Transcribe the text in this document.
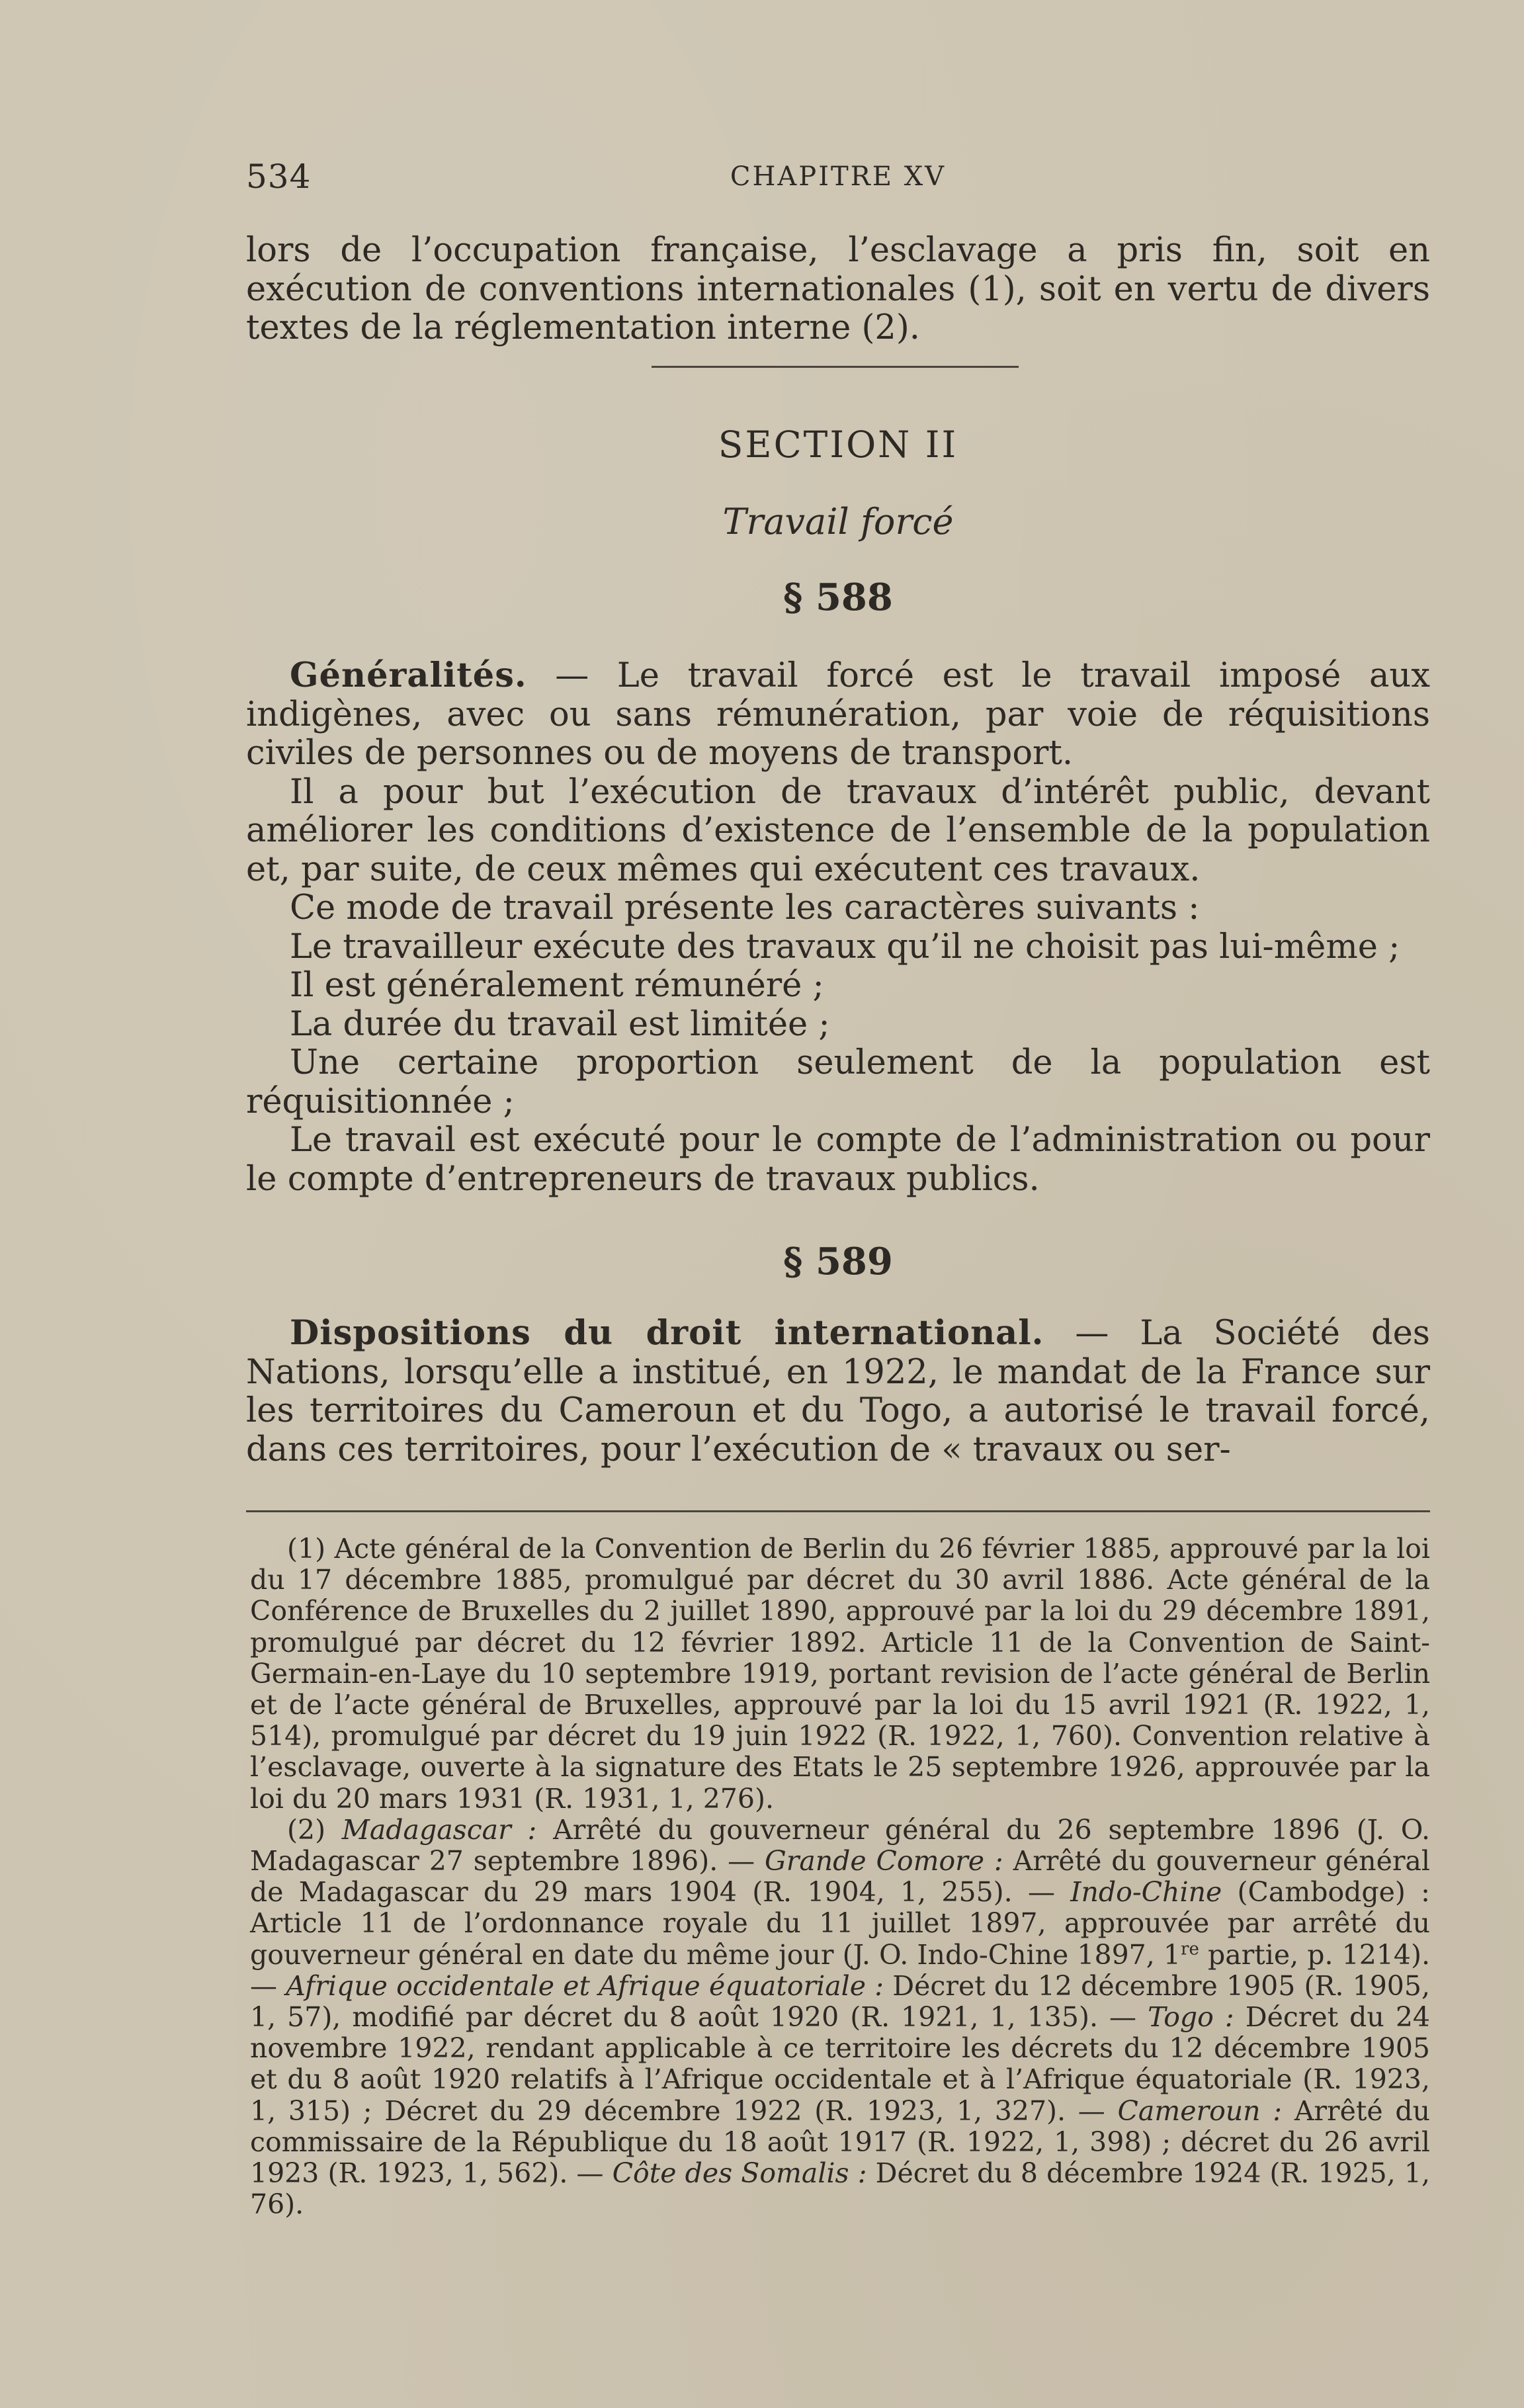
534	CHAPITRE XV

lors de l’occupation française, l’esclavage a pris fin, soit en exécution de conventions internationales (1), soit en vertu de divers textes de la réglementation interne (2).

SECTION II
Travail forcé
§ 588

Généralités. — Le travail forcé est le travail imposé aux indigènes, avec ou sans rémunération, par voie de réquisitions civiles de personnes ou de moyens de transport.

Il a pour but l’exécution de travaux d’intérêt public, devant améliorer les conditions d’existence de l’ensemble de la population et, par suite, de ceux mêmes qui exécutent ces travaux.

Ce mode de travail présente les caractères suivants :

Le travailleur exécute des travaux qu’il ne choisit pas lui-même ;

Il est généralement rémunéré ;

La durée du travail est limitée ;

Une certaine proportion seulement de la population est réquisitionnée ;

Le travail est exécuté pour le compte de l’administration ou pour le compte d’entrepreneurs de travaux publics.

§ 589

Dispositions du droit international. — La Société des Nations, lorsqu’elle a institué, en 1922, le mandat de la France sur les territoires du Cameroun et du Togo, a autorisé le travail forcé, dans ces territoires, pour l’exécution de « travaux ou ser-

(1) Acte général de la Convention de Berlin du 26 février 1885, approuvé par la loi du 17 décembre 1885, promulgué par décret du 30 avril 1886. Acte général de la Conférence de Bruxelles du 2 juillet 1890, approuvé par la loi du 29 décembre 1891, promulgué par décret du 12 février 1892. Article 11 de la Convention de Saint-Germain-en-Laye du 10 septembre 1919, portant revision de l’acte général de Berlin et de l’acte général de Bruxelles, approuvé par la loi du 15 avril 1921 (R. 1922, 1, 514), promulgué par décret du 19 juin 1922 (R. 1922, 1, 760). Convention relative à l’esclavage, ouverte à la signature des Etats le 25 septembre 1926, approuvée par la loi du 20 mars 1931 (R. 1931, 1, 276).

(2) Madagascar : Arrêté du gouverneur général du 26 septembre 1896 (J. O. Madagascar 27 septembre 1896). — Grande Comore : Arrêté du gouverneur général de Madagascar du 29 mars 1904 (R. 1904, 1, 255). — Indo-Chine (Cambodge) : Article 11 de l’ordonnance royale du 11 juillet 1897, approuvée par arrêté du gouverneur général en date du même jour (J. O. Indo-Chine 1897, 1re partie, p. 1214). — Afrique occidentale et Afrique équatoriale : Décret du 12 décembre 1905 (R. 1905, 1, 57), modifié par décret du 8 août 1920 (R. 1921, 1, 135). — Togo : Décret du 24 novembre 1922, rendant applicable à ce territoire les décrets du 12 décembre 1905 et du 8 août 1920 relatifs à l’Afrique occidentale et à l’Afrique équatoriale (R. 1923, 1, 315) ; Décret du 29 décembre 1922 (R. 1923, 1, 327). — Cameroun : Arrêté du commissaire de la République du 18 août 1917 (R. 1922, 1, 398) ; décret du 26 avril 1923 (R. 1923, 1, 562). — Côte des Somalis : Décret du 8 décembre 1924 (R. 1925, 1, 76).
